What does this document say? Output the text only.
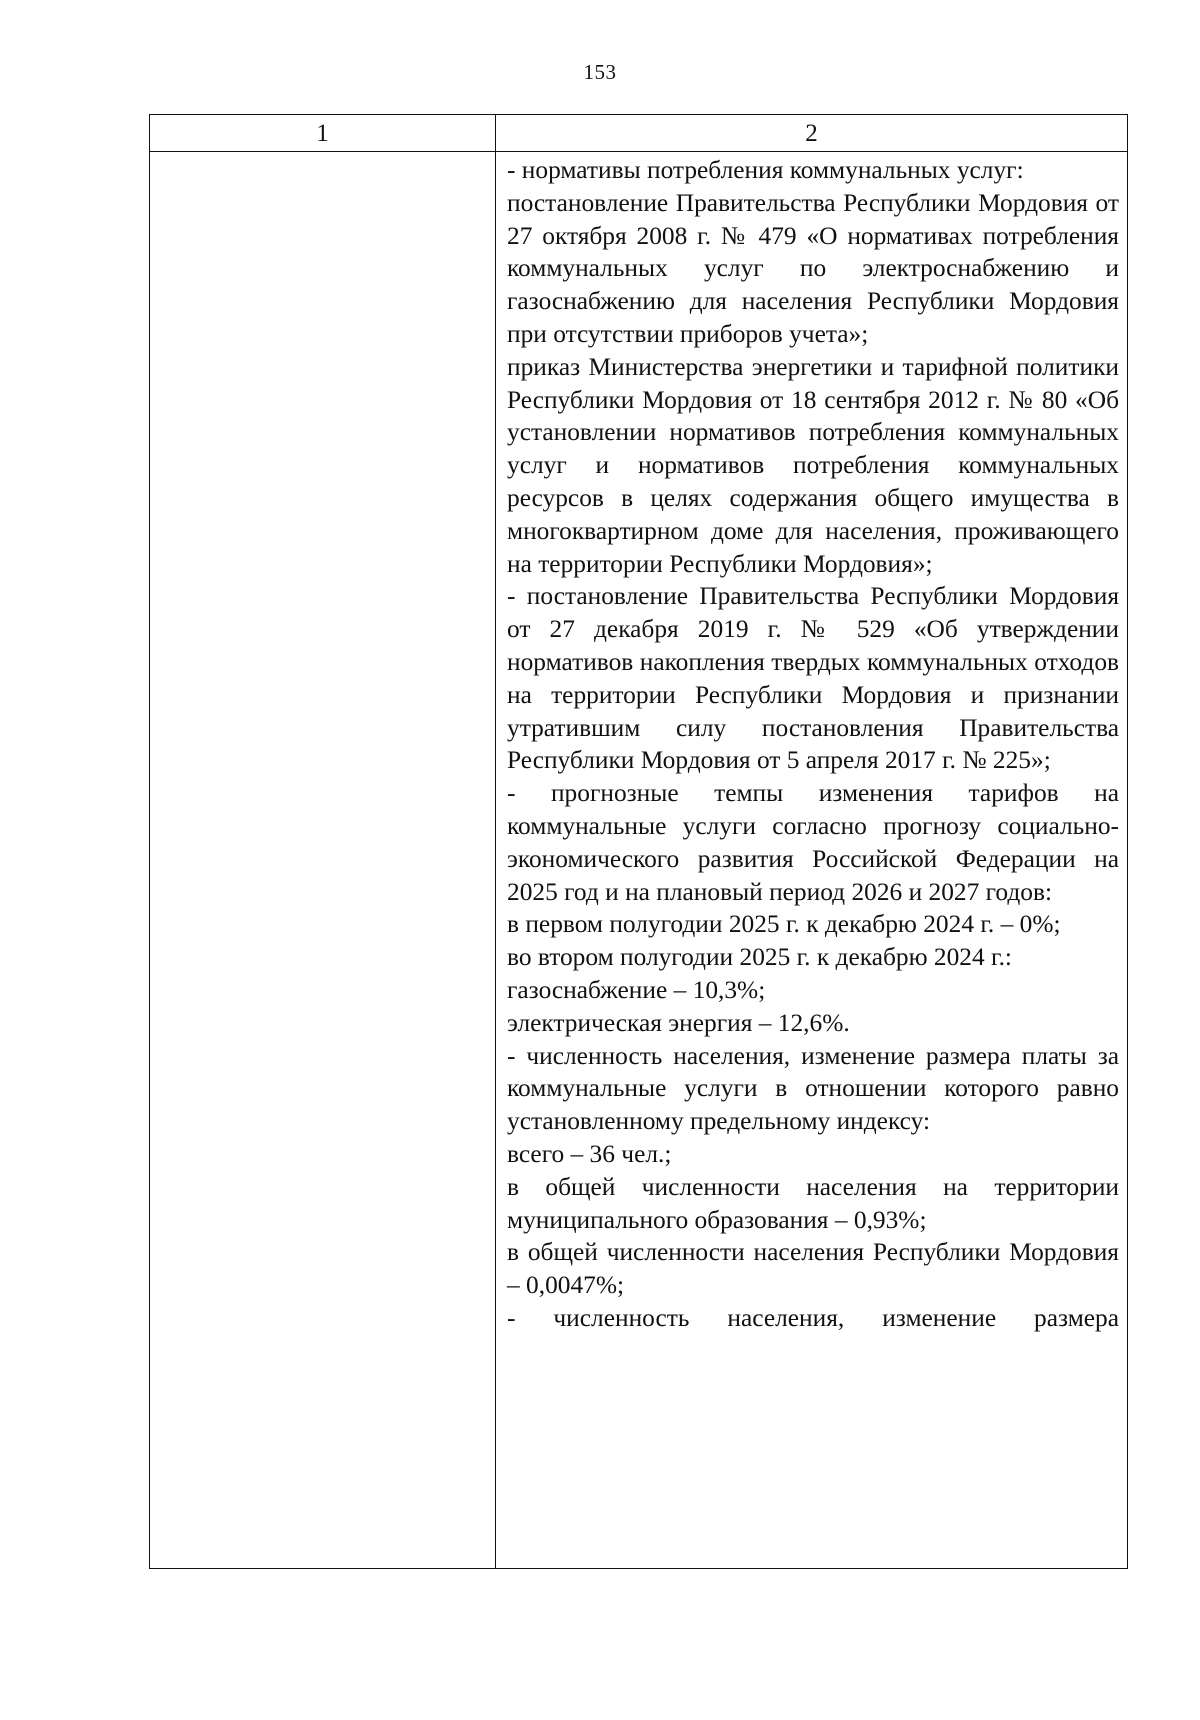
153
1	2

- нормативы потребления коммунальных услуг:

постановление Правительства Республики Мордовия от 27 октября 2008 г. № 479 «О нормативах потребления коммунальных услуг по электроснабжению и газоснабжению для населения Республики Мордовия при отсутствии приборов учета»;

приказ Министерства энергетики и тарифной политики Республики Мордовия от 18 сентября 2012 г. № 80 «Об установлении нормативов потребления коммунальных услуг и нормативов потребления коммунальных ресурсов в целях содержания общего имущества в многоквартирном доме для населения, проживающего на территории Республики Мордовия»;

- постановление Правительства Республики Мордовия от 27 декабря 2019 г. № 529 «Об утверждении нормативов накопления твердых коммунальных отходов на территории Республики Мордовия и признании утратившим силу постановления Правительства Республики Мордовия от 5 апреля 2017 г. № 225»;

- прогнозные темпы изменения тарифов на коммунальные услуги согласно прогнозу социально-экономического развития Российской Федерации на 2025 год и на плановый период 2026 и 2027 годов:

в первом полугодии 2025 г. к декабрю 2024 г. – 0%;

во втором полугодии 2025 г. к декабрю 2024 г.:

газоснабжение – 10,3%;

электрическая энергия – 12,6%.

- численность населения, изменение размера платы за коммунальные услуги в отношении которого равно установленному предельному индексу:

всего – 36 чел.;

в общей численности населения на территории муниципального образования – 0,93%;

в общей численности населения Республики Мордовия – 0,0047%;

- численность населения, изменение размера
